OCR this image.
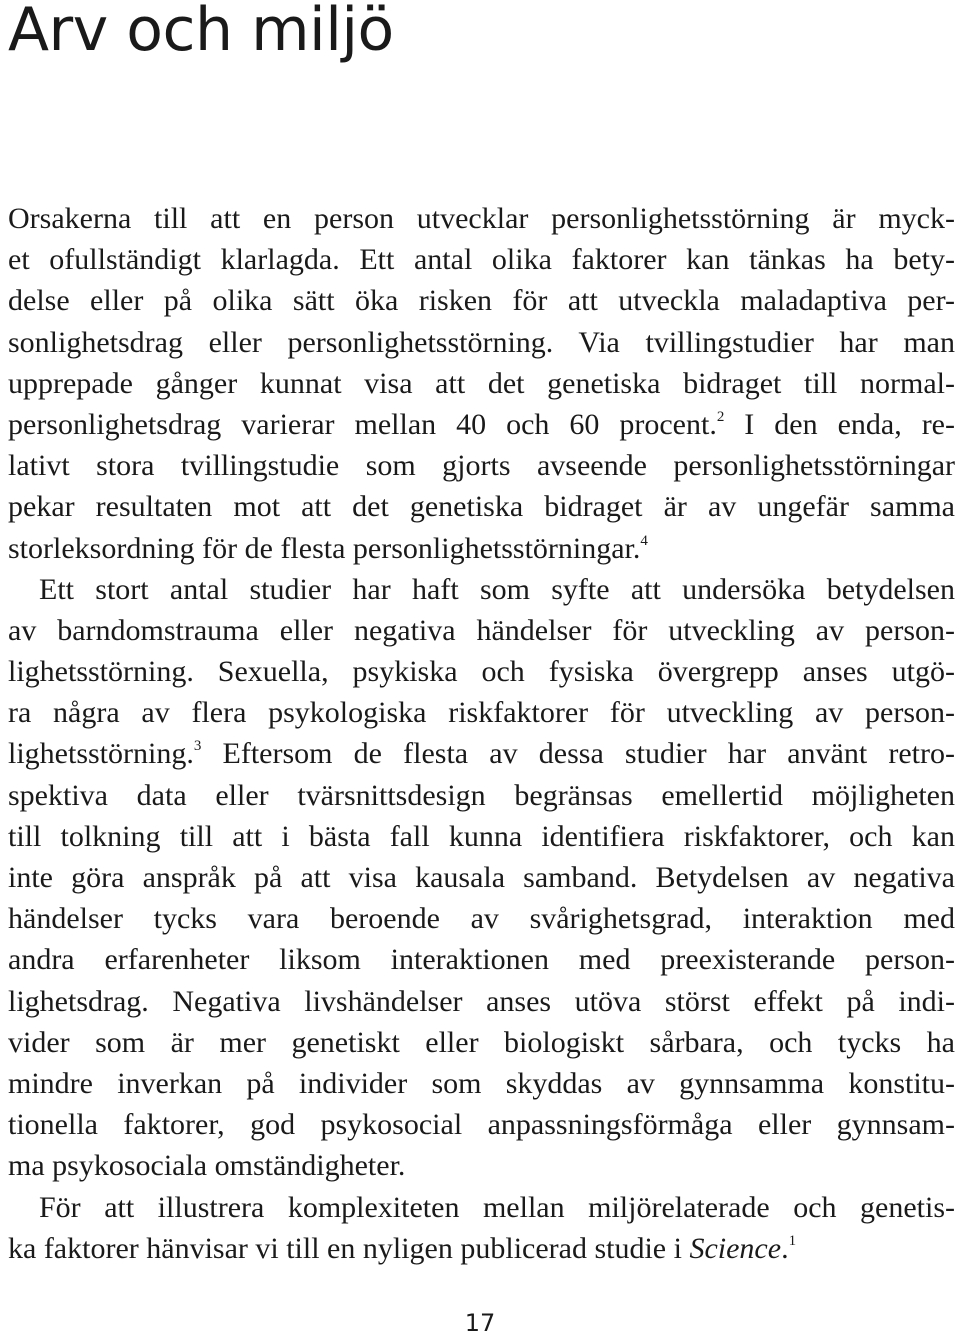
Arv och miljö
Orsakerna till att en person utvecklar personlighetsstörning är myck-
et ofullständigt klarlagda. Ett antal olika faktorer kan tänkas ha bety-
delse eller på olika sätt öka risken för att utveckla maladaptiva per-
sonlighetsdrag eller personlighetsstörning. Via tvillingstudier har man
upprepade gånger kunnat visa att det genetiska bidraget till normal-
personlighetsdrag varierar mellan 40 och 60 procent.$^2$ I den enda, re-
lativt stora tvillingstudie som gjorts avseende personlighetsstörningar
pekar resultaten mot att det genetiska bidraget är av ungefär samma
storleksordning för de flesta personlighetsstörningar.$^4$
Ett stort antal studier har haft som syfte att undersöka betydelsen
av barndomstrauma eller negativa händelser för utveckling av person-
lighetsstörning. Sexuella, psykiska och fysiska övergrepp anses utgö-
ra några av flera psykologiska riskfaktorer för utveckling av person-
lighetsstörning.$^3$ Eftersom de flesta av dessa studier har använt retro-
spektiva data eller tvärsnittsdesign begränsas emellertid möjligheten
till tolkning till att i bästa fall kunna identifiera riskfaktorer, och kan
inte göra anspråk på att visa kausala samband. Betydelsen av negativa
händelser tycks vara beroende av svårighetsgrad, interaktion med
andra erfarenheter liksom interaktionen med preexisterande person-
lighetsdrag. Negativa livshändelser anses utöva störst effekt på indi-
vider som är mer genetiskt eller biologiskt sårbara, och tycks ha
mindre inverkan på individer som skyddas av gynnsamma konstitu-
tionella faktorer, god psykosocial anpassningsförmåga eller gynnsam-
ma psykosociala omständigheter.
För att illustrera komplexiteten mellan miljörelaterade och genetis-
ka faktorer hänvisar vi till en nyligen publicerad studie i Science.$^1$
17
